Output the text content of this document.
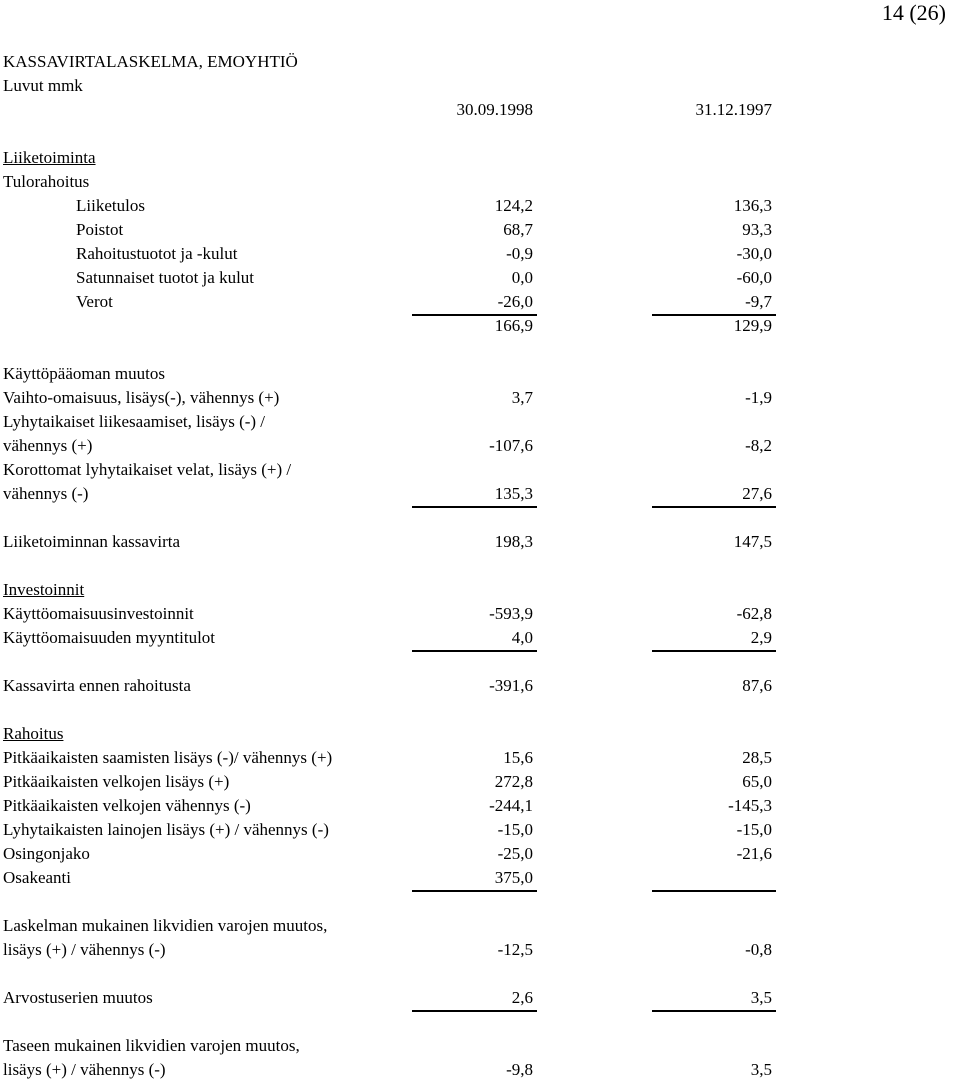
14 (26)
KASSAVIRTALASKELMA, EMOYHTIÖ
Luvut mmk
30.09.1998	31.12.1997
Liiketoiminta
Tulorahoitus
Liiketulos	124,2	136,3
Poistot	68,7	93,3
Rahoitustuotot ja -kulut	-0,9	-30,0
Satunnaiset tuotot ja kulut	0,0	-60,0
Verot	-26,0	-9,7
166,9	129,9
Käyttöpääoman muutos
Vaihto-omaisuus, lisäys(-), vähennys (+)	3,7	-1,9
Lyhytaikaiset liikesaamiset, lisäys (-) /
vähennys (+)	-107,6	-8,2
Korottomat lyhytaikaiset velat, lisäys (+) /
vähennys (-)	135,3	27,6
Liiketoiminnan kassavirta	198,3	147,5
Investoinnit
Käyttöomaisuusinvestoinnit	-593,9	-62,8
Käyttöomaisuuden myyntitulot	4,0	2,9
Kassavirta ennen rahoitusta	-391,6	87,6
Rahoitus
Pitkäaikaisten saamisten lisäys (-)/ vähennys (+)	15,6	28,5
Pitkäaikaisten velkojen lisäys (+)	272,8	65,0
Pitkäaikaisten velkojen vähennys (-)	-244,1	-145,3
Lyhytaikaisten lainojen lisäys (+) / vähennys (-)	-15,0	-15,0
Osingonjako	-25,0	-21,6
Osakeanti	375,0
Laskelman mukainen likvidien varojen muutos,
lisäys (+) / vähennys (-)	-12,5	-0,8
Arvostuserien muutos	2,6	3,5
Taseen mukainen likvidien varojen muutos,
lisäys (+) / vähennys (-)	-9,8	3,5
